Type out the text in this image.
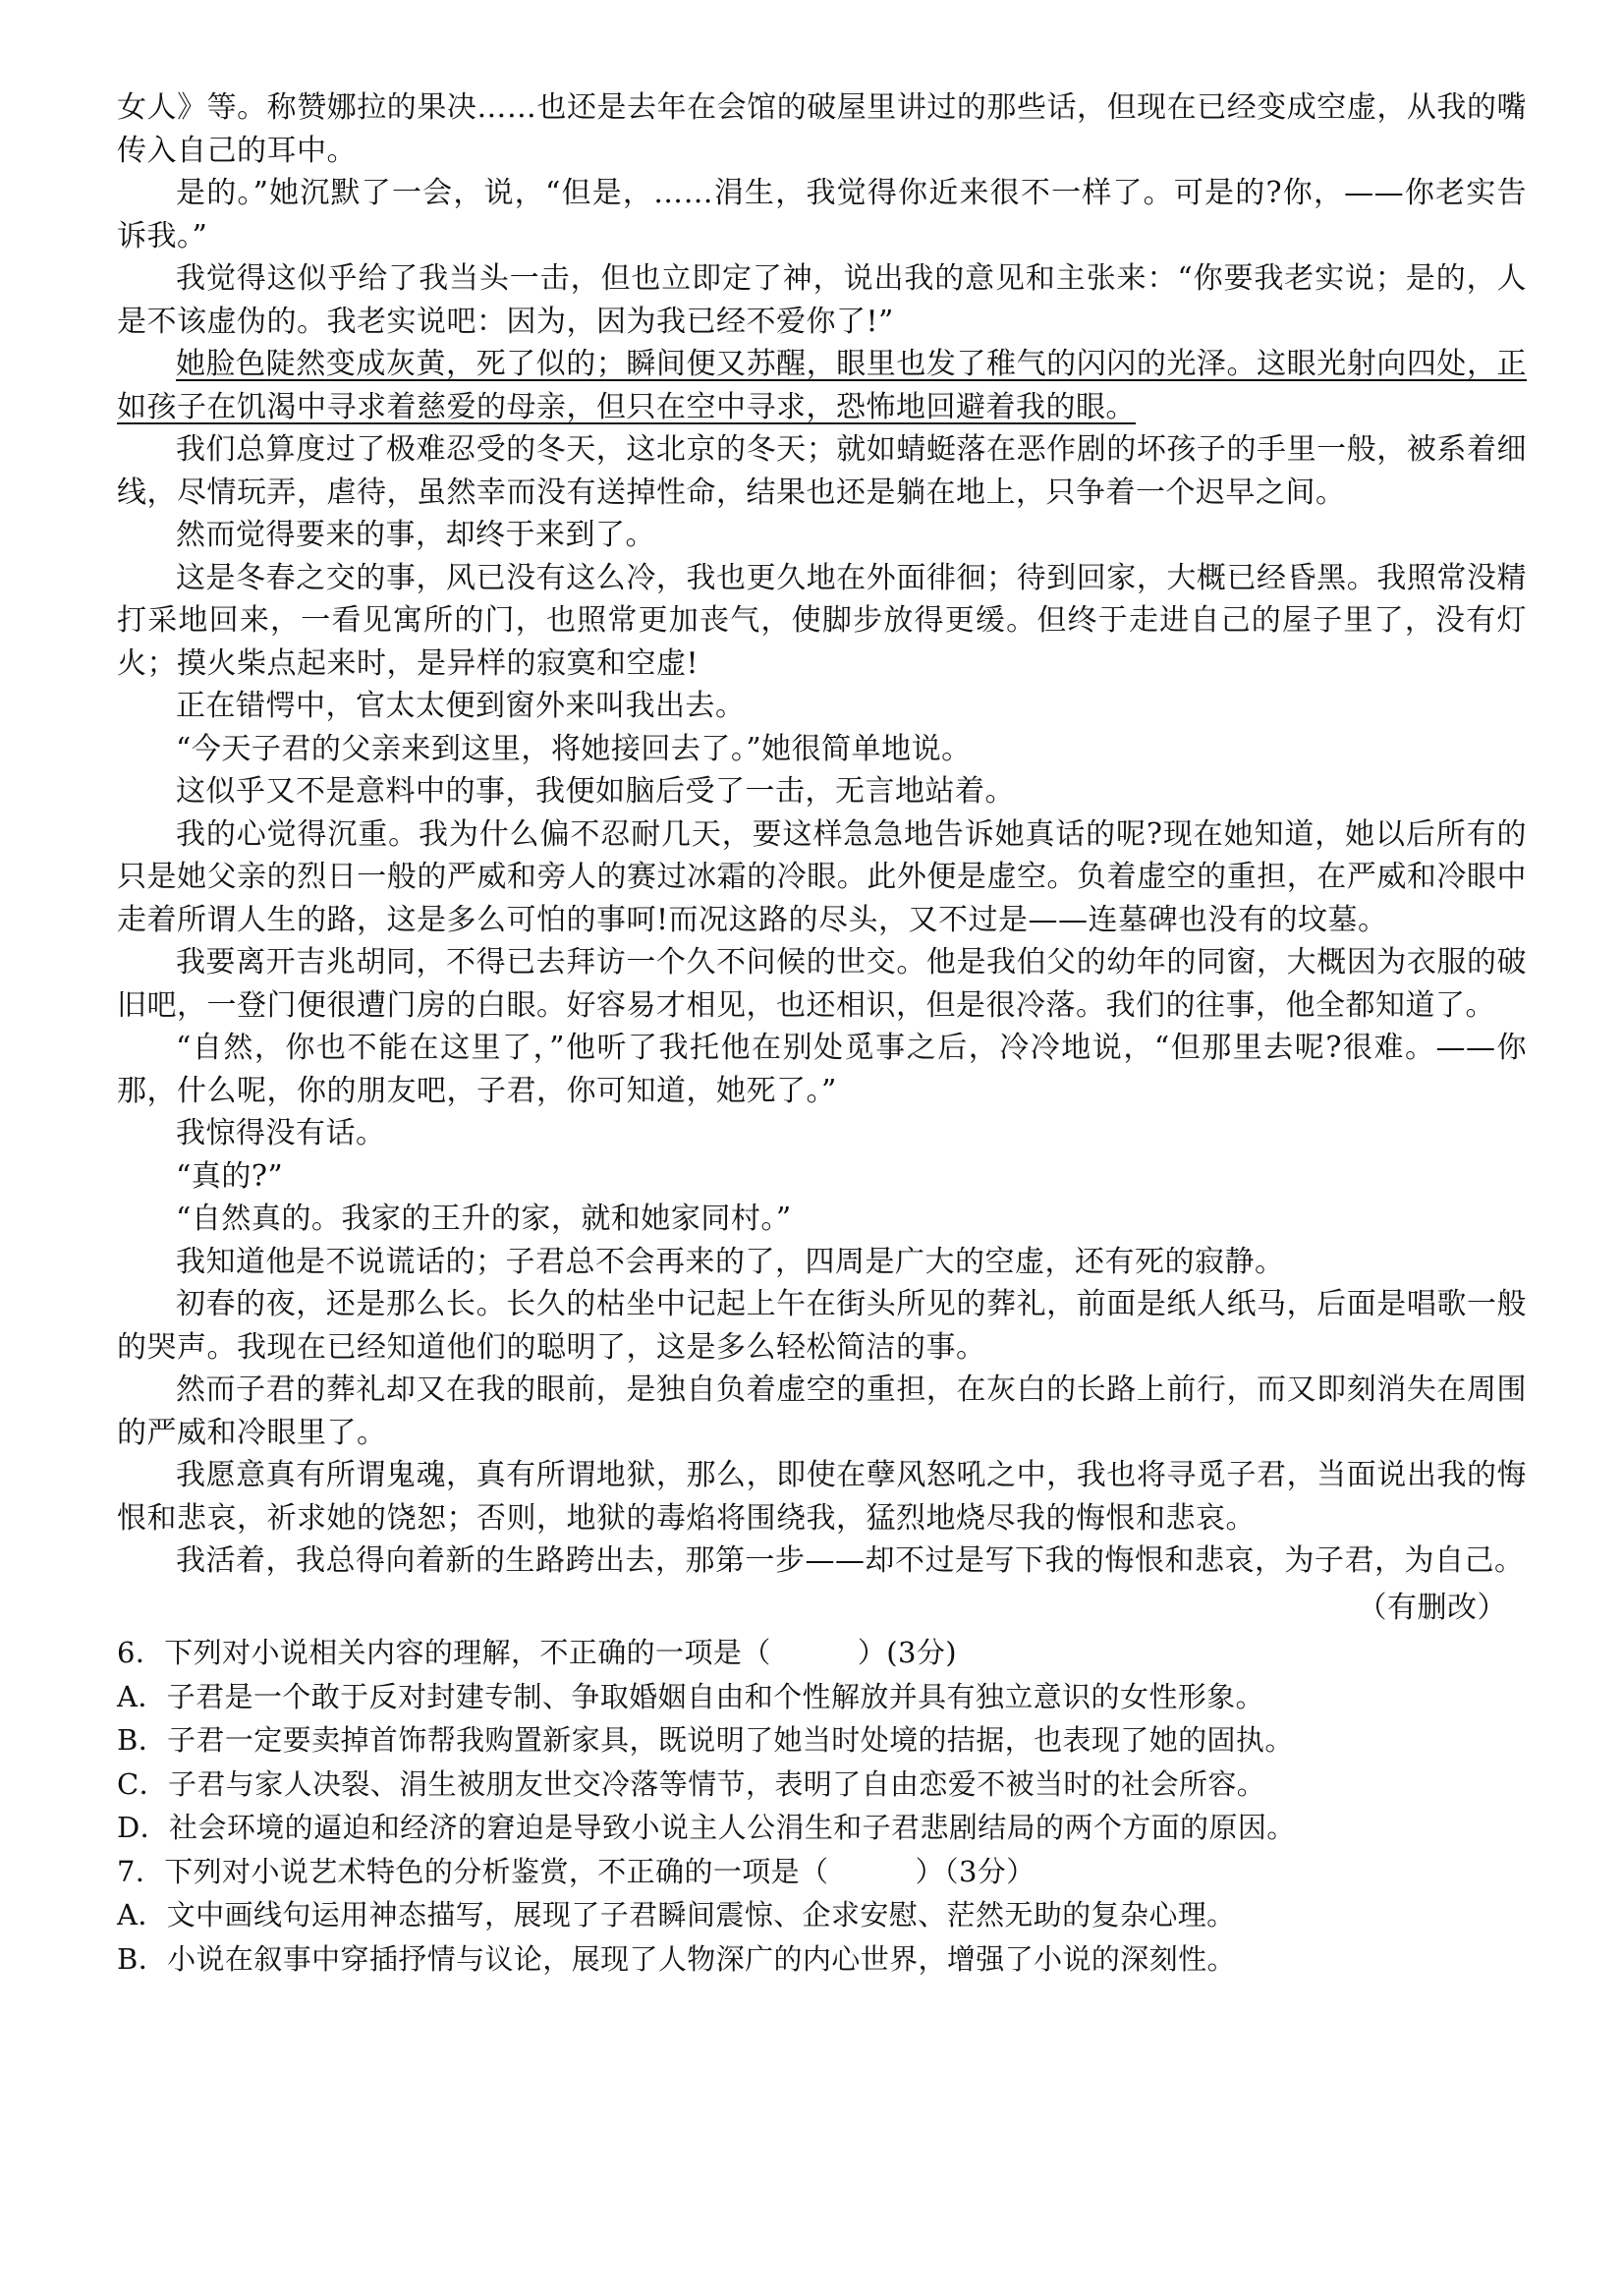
女人》等。称赞娜拉的果决……也还是去年在会馆的破屋里讲过的那些话，但现在已经变成空虚，从我的嘴传入自己的耳中。

是的。”她沉默了一会，说，“但是，……涓生，我觉得你近来很不一样了。可是的?你，——你老实告诉我。”

我觉得这似乎给了我当头一击，但也立即定了神，说出我的意见和主张来：“你要我老实说；是的，人是不该虚伪的。我老实说吧：因为，因为我已经不爱你了!”

她脸色陡然变成灰黄，死了似的；瞬间便又苏醒，眼里也发了稚气的闪闪的光泽。这眼光射向四处，正如孩子在饥渴中寻求着慈爱的母亲，但只在空中寻求，恐怖地回避着我的眼。

我们总算度过了极难忍受的冬天，这北京的冬天；就如蜻蜓落在恶作剧的坏孩子的手里一般，被系着细线，尽情玩弄，虐待，虽然幸而没有送掉性命，结果也还是躺在地上，只争着一个迟早之间。

然而觉得要来的事，却终于来到了。

这是冬春之交的事，风已没有这么冷，我也更久地在外面徘徊；待到回家，大概已经昏黑。我照常没精打采地回来，一看见寓所的门，也照常更加丧气，使脚步放得更缓。但终于走进自己的屋子里了，没有灯火；摸火柴点起来时，是异样的寂寞和空虚!

正在错愕中，官太太便到窗外来叫我出去。

“今天子君的父亲来到这里，将她接回去了。”她很简单地说。

这似乎又不是意料中的事，我便如脑后受了一击，无言地站着。

我的心觉得沉重。我为什么偏不忍耐几天，要这样急急地告诉她真话的呢?现在她知道，她以后所有的只是她父亲的烈日一般的严威和旁人的赛过冰霜的冷眼。此外便是虚空。负着虚空的重担，在严威和冷眼中走着所谓人生的路，这是多么可怕的事呵!而况这路的尽头，又不过是——连墓碑也没有的坟墓。

我要离开吉兆胡同，不得已去拜访一个久不问候的世交。他是我伯父的幼年的同窗，大概因为衣服的破旧吧，一登门便很遭门房的白眼。好容易才相见，也还相识，但是很冷落。我们的往事，他全都知道了。

“自然，你也不能在这里了，”他听了我托他在别处觅事之后，冷冷地说，“但那里去呢?很难。——你那，什么呢，你的朋友吧，子君，你可知道，她死了。”

我惊得没有话。

“真的?”

“自然真的。我家的王升的家，就和她家同村。”

我知道他是不说谎话的；子君总不会再来的了，四周是广大的空虚，还有死的寂静。

初春的夜，还是那么长。长久的枯坐中记起上午在街头所见的葬礼，前面是纸人纸马，后面是唱歌一般的哭声。我现在已经知道他们的聪明了，这是多么轻松简洁的事。

然而子君的葬礼却又在我的眼前，是独自负着虚空的重担，在灰白的长路上前行，而又即刻消失在周围的严威和冷眼里了。

我愿意真有所谓鬼魂，真有所谓地狱，那么，即使在孽风怒吼之中，我也将寻觅子君，当面说出我的悔恨和悲哀，祈求她的饶恕；否则，地狱的毒焰将围绕我，猛烈地烧尽我的悔恨和悲哀。

我活着，我总得向着新的生路跨出去，那第一步——却不过是写下我的悔恨和悲哀，为子君，为自己。

（有删改）

6．下列对小说相关内容的理解，不正确的一项是（　　　）(3分)

A．子君是一个敢于反对封建专制、争取婚姻自由和个性解放并具有独立意识的女性形象。

B．子君一定要卖掉首饰帮我购置新家具，既说明了她当时处境的拮据，也表现了她的固执。

C．子君与家人决裂、涓生被朋友世交冷落等情节，表明了自由恋爱不被当时的社会所容。

D．社会环境的逼迫和经济的窘迫是导致小说主人公涓生和子君悲剧结局的两个方面的原因。

7．下列对小说艺术特色的分析鉴赏，不正确的一项是（　　　）（3分）

A．文中画线句运用神态描写，展现了子君瞬间震惊、企求安慰、茫然无助的复杂心理。

B．小说在叙事中穿插抒情与议论，展现了人物深广的内心世界，增强了小说的深刻性。
